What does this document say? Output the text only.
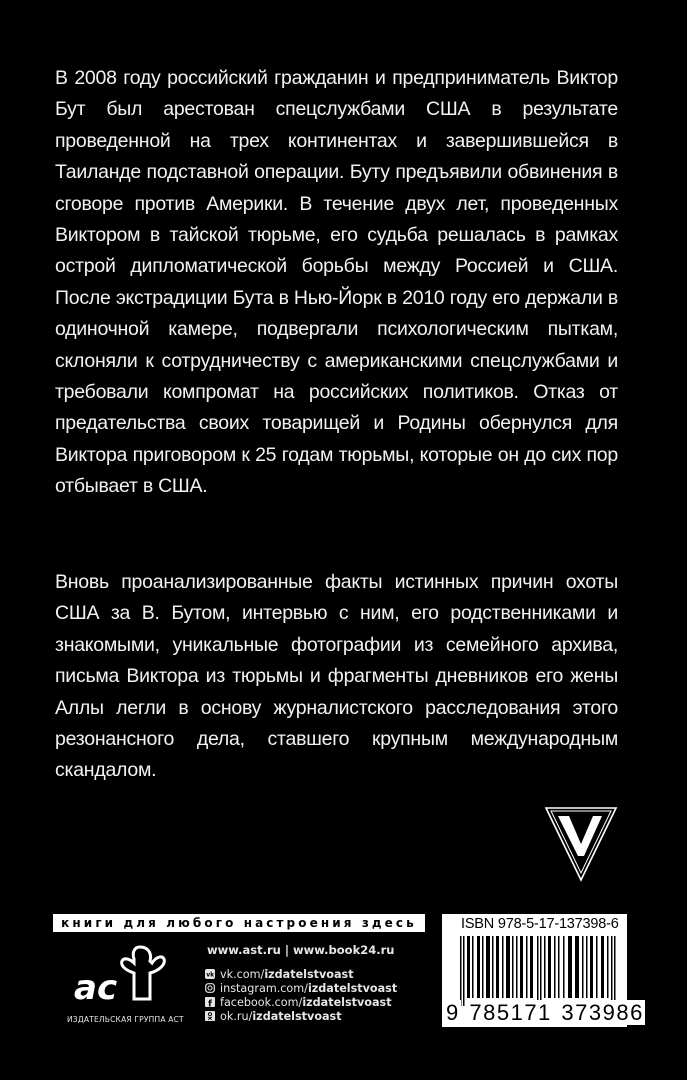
В 2008 году российский гражданин и предприниматель Виктор Бут был арестован спецслужбами США в результате проведенной на трех континентах и завершившейся в Таиланде подставной операции. Буту предъявили обвинения в сговоре против Америки. В течение двух лет, проведенных Виктором в тайской тюрьме, его судьба решалась в рамках острой дипломатической борьбы между Россией и США. После экстрадиции Бута в Нью-Йорк в 2010 году его держали в одиночной камере, подвергали психологическим пыткам, склоняли к сотрудничеству с американскими спецслужбами и требовали компромат на российских политиков. Отказ от предательства своих товарищей и Родины обернулся для Виктора приговором к 25 годам тюрьмы, которые он до сих пор отбывает в США.
Вновь проанализированные факты истинных причин охоты США за В. Бутом, интервью с ним, его родственниками и знакомыми, уникальные фотографии из семейного архива, письма Виктора из тюрьмы и фрагменты дневников его жены Аллы легли в основу журналистского расследования этого резонансного дела, ставшего крупным международным скандалом.
книги для любого настроения здесь
ас
ИЗДАТЕЛЬСКАЯ ГРУППА АСТ
www.ast.ru | www.book24.ru
vk vk.com/ izdatelstvoast
instagram.com/ izdatelstvoast
f facebook.com/ izdatelstvoast
ok.ru/ izdatelstvoast
ISBN 978-5-17-137398-6
9 785171 373986
